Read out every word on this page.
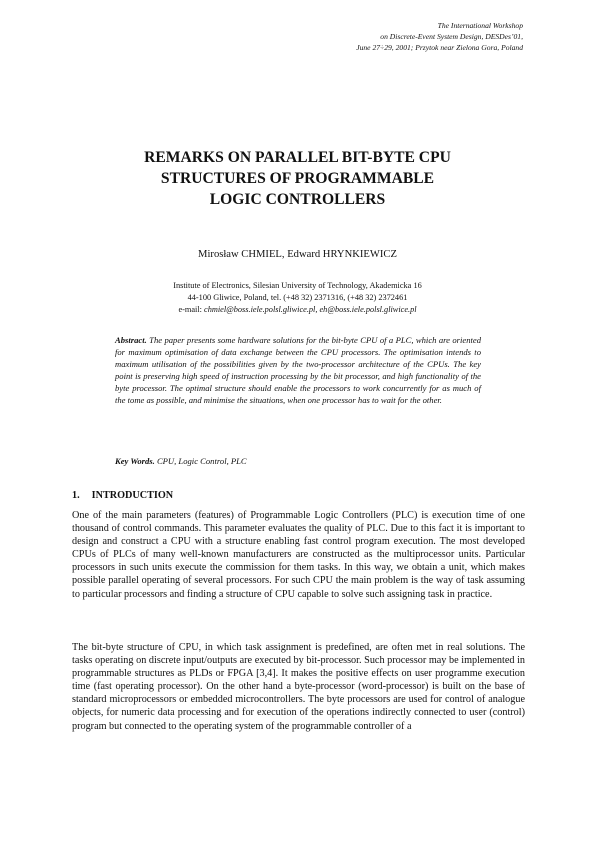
The International Workshop
on Discrete-Event System Design, DESDes’01,
June 27÷29, 2001; Przytok near Zielona Gora, Poland
REMARKS ON PARALLEL BIT-BYTE CPU
STRUCTURES OF PROGRAMMABLE
LOGIC CONTROLLERS
Mirosław CHMIEL, Edward HRYNKIEWICZ
Institute of Electronics, Silesian University of Technology, Akademicka 16
44-100 Gliwice, Poland, tel. (+48 32) 2371316, (+48 32) 2372461
e-mail: chmiel@boss.iele.polsl.gliwice.pl, eh@boss.iele.polsl.gliwice.pl
Abstract. The paper presents some hardware solutions for the bit-byte CPU of a PLC, which are oriented for maximum optimisation of data exchange between the CPU processors. The optimisation intends to maximum utilisation of the possibilities given by the two-processor architecture of the CPUs. The key point is preserving high speed of instruction processing by the bit processor, and high functionality of the byte processor. The optimal structure should enable the processors to work concurrently for as much of the tome as possible, and minimise the situations, when one processor has to wait for the other.
Key Words. CPU, Logic Control, PLC
1. INTRODUCTION
One of the main parameters (features) of Programmable Logic Controllers (PLC) is execution time of one thousand of control commands. This parameter evaluates the quality of PLC. Due to this fact it is important to design and construct a CPU with a structure enabling fast control program execution. The most developed CPUs of PLCs of many well-known manufacturers are constructed as the multiprocessor units. Particular processors in such units execute the commission for them tasks. In this way, we obtain a unit, which makes possible parallel operating of several processors. For such CPU the main problem is the way of task assuming to particular processors and finding a structure of CPU capable to solve such assigning task in practice.
The bit-byte structure of CPU, in which task assignment is predefined, are often met in real solutions. The tasks operating on discrete input/outputs are executed by bit-processor. Such processor may be implemented in programmable structures as PLDs or FPGA [3,4]. It makes the positive effects on user programme execution time (fast operating processor). On the other hand a byte-processor (word-processor) is built on the base of standard microprocessors or embedded microcontrollers. The byte processors are used for control of analogue objects, for numeric data processing and for execution of the operations indirectly connected to user (control) program but connected to the operating system of the programmable controller of a
